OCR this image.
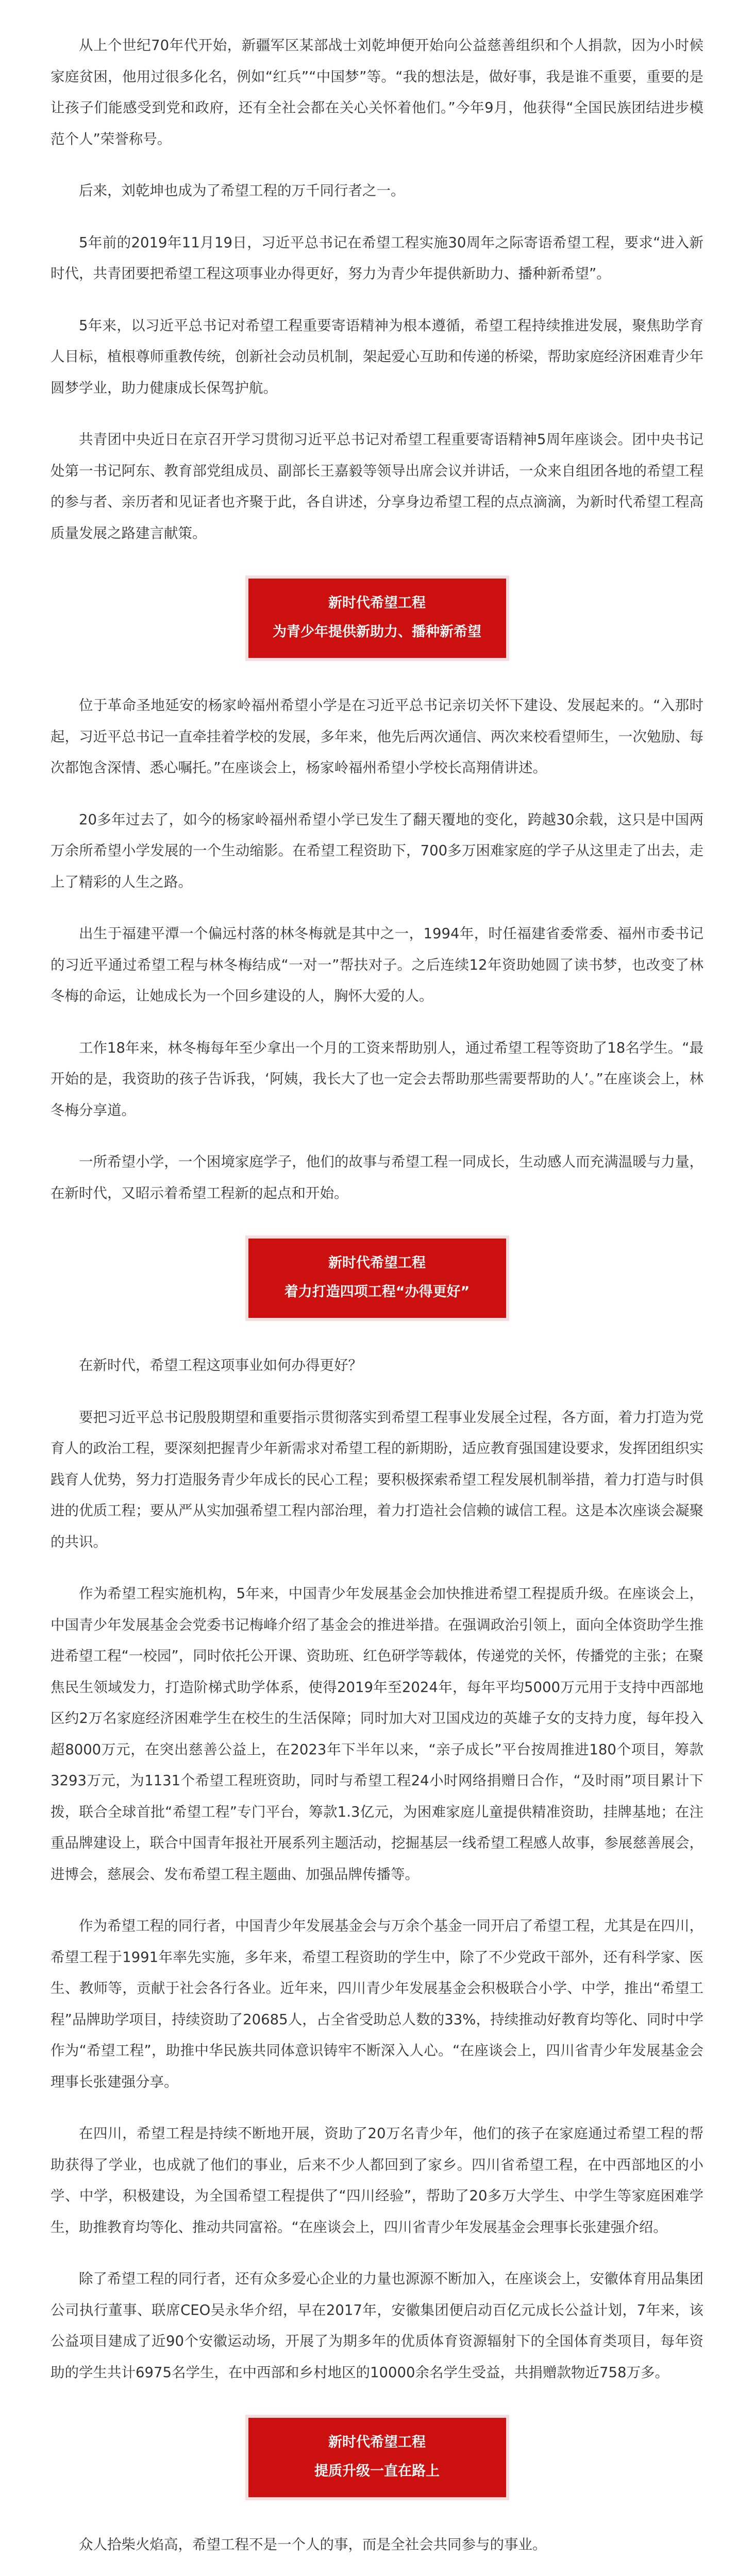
从上个世纪70年代开始，新疆军区某部战士刘乾坤便开始向公益慈善组织和个人捐款，因为小时候家庭贫困，他用过很多化名，例如“红兵”“中国梦”等。“我的想法是，做好事，我是谁不重要，重要的是让孩子们能感受到党和政府，还有全社会都在关心关怀着他们。”今年9月，他获得“全国民族团结进步模范个人”荣誉称号。

后来，刘乾坤也成为了希望工程的万千同行者之一。

5年前的2019年11月19日，习近平总书记在希望工程实施30周年之际寄语希望工程，要求“进入新时代，共青团要把希望工程这项事业办得更好，努力为青少年提供新助力、播种新希望”。

5年来，以习近平总书记对希望工程重要寄语精神为根本遵循，希望工程持续推进发展，聚焦助学育人目标，植根尊师重教传统，创新社会动员机制，架起爱心互助和传递的桥梁，帮助家庭经济困难青少年圆梦学业，助力健康成长保驾护航。

共青团中央近日在京召开学习贯彻习近平总书记对希望工程重要寄语精神5周年座谈会。团中央书记处第一书记阿东、教育部党组成员、副部长王嘉毅等领导出席会议并讲话，一众来自组团各地的希望工程的参与者、亲历者和见证者也齐聚于此，各自讲述，分享身边希望工程的点点滴滴，为新时代希望工程高质量发展之路建言献策。

新时代希望工程
为青少年提供新助力、播种新希望

位于革命圣地延安的杨家岭福州希望小学是在习近平总书记亲切关怀下建设、发展起来的。“入那时起，习近平总书记一直牵挂着学校的发展，多年来，他先后两次通信、两次来校看望师生，一次勉励、每次都饱含深情、悉心嘱托。”在座谈会上，杨家岭福州希望小学校长高翔倩讲述。

20多年过去了，如今的杨家岭福州希望小学已发生了翻天覆地的变化，跨越30余载，这只是中国两万余所希望小学发展的一个生动缩影。在希望工程资助下，700多万困难家庭的学子从这里走了出去，走上了精彩的人生之路。

出生于福建平潭一个偏远村落的林冬梅就是其中之一，1994年，时任福建省委常委、福州市委书记的习近平通过希望工程与林冬梅结成“一对一”帮扶对子。之后连续12年资助她圆了读书梦，也改变了林冬梅的命运，让她成长为一个回乡建设的人，胸怀大爱的人。

工作18年来，林冬梅每年至少拿出一个月的工资来帮助别人，通过希望工程等资助了18名学生。“最开始的是，我资助的孩子告诉我，‘阿姨，我长大了也一定会去帮助那些需要帮助的人’。”在座谈会上，林冬梅分享道。

一所希望小学，一个困境家庭学子，他们的故事与希望工程一同成长，生动感人而充满温暖与力量，在新时代，又昭示着希望工程新的起点和开始。

新时代希望工程
着力打造四项工程“办得更好”

在新时代，希望工程这项事业如何办得更好？

要把习近平总书记殷殷期望和重要指示贯彻落实到希望工程事业发展全过程，各方面，着力打造为党育人的政治工程，要深刻把握青少年新需求对希望工程的新期盼，适应教育强国建设要求，发挥团组织实践育人优势，努力打造服务青少年成长的民心工程；要积极探索希望工程发展机制举措，着力打造与时俱进的优质工程；要从严从实加强希望工程内部治理，着力打造社会信赖的诚信工程。这是本次座谈会凝聚的共识。

作为希望工程实施机构，5年来，中国青少年发展基金会加快推进希望工程提质升级。在座谈会上，中国青少年发展基金会党委书记梅峰介绍了基金会的推进举措。在强调政治引领上，面向全体资助学生推进希望工程“一校园”，同时依托公开课、资助班、红色研学等载体，传递党的关怀，传播党的主张；在聚焦民生领域发力，打造阶梯式助学体系，使得2019年至2024年，每年平均5000万元用于支持中西部地区约2万名家庭经济困难学生在校生的生活保障；同时加大对卫国戍边的英雄子女的支持力度，每年投入超8000万元，在突出慈善公益上，在2023年下半年以来，“亲子成长”平台按周推进180个项目，筹款3293万元，为1131个希望工程班资助，同时与希望工程24小时网络捐赠日合作，“及时雨”项目累计下拨，联合全球首批“希望工程”专门平台，筹款1.3亿元，为困难家庭儿童提供精准资助，挂牌基地；在注重品牌建设上，联合中国青年报社开展系列主题活动，挖掘基层一线希望工程感人故事，参展慈善展会，进博会，慈展会、发布希望工程主题曲、加强品牌传播等。

作为希望工程的同行者，中国青少年发展基金会与万余个基金一同开启了希望工程，尤其是在四川，希望工程于1991年率先实施，多年来，希望工程资助的学生中，除了不少党政干部外，还有科学家、医生、教师等，贡献于社会各行各业。近年来，四川青少年发展基金会积极联合小学、中学，推出“希望工程”品牌助学项目，持续资助了20685人，占全省受助总人数的33%，持续推动好教育均等化、同时中学作为“希望工程”，助推中华民族共同体意识铸牢不断深入人心。“在座谈会上，四川省青少年发展基金会理事长张建强分享。

在四川，希望工程是持续不断地开展，资助了20万名青少年，他们的孩子在家庭通过希望工程的帮助获得了学业，也成就了他们的事业，后来不少人都回到了家乡。四川省希望工程，在中西部地区的小学、中学，积极建设，为全国希望工程提供了“四川经验”，帮助了20多万大学生、中学生等家庭困难学生，助推教育均等化、推动共同富裕。“在座谈会上，四川省青少年发展基金会理事长张建强介绍。

除了希望工程的同行者，还有众多爱心企业的力量也源源不断加入，在座谈会上，安徽体育用品集团公司执行董事、联席CEO吴永华介绍，早在2017年，安徽集团便启动百亿元成长公益计划，7年来，该公益项目建成了近90个安徽运动场，开展了为期多年的优质体育资源辐射下的全国体育类项目，每年资助的学生共计6975名学生，在中西部和乡村地区的10000余名学生受益，共捐赠款物近758万多。

新时代希望工程
提质升级一直在路上

众人拾柴火焰高，希望工程不是一个人的事，而是全社会共同参与的事业。
